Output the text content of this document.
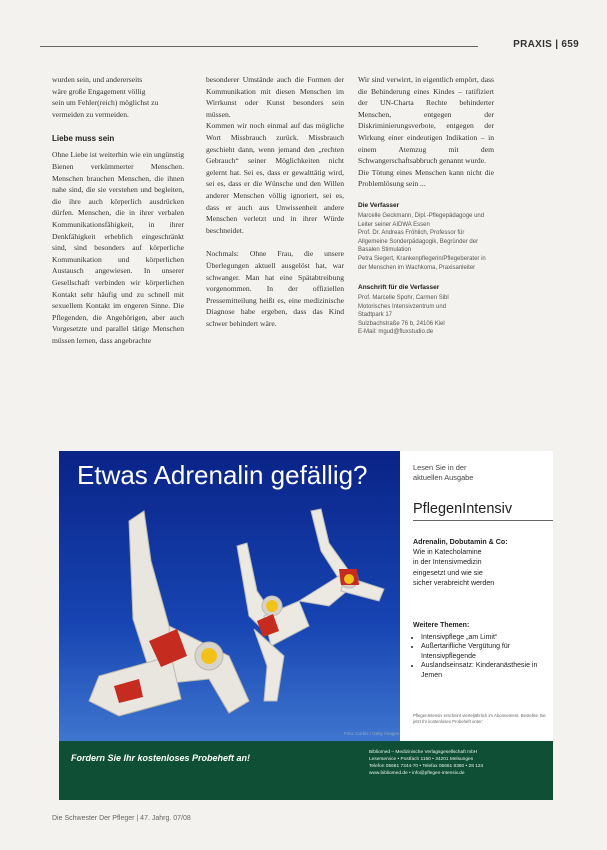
PRAXIS | 659

wurden sein, und andererseits

wäre große Engagement völlig

sein um Fehler(reich) möglichst zu

vermeiden zu vermeiden.

Liebe muss sein

Ohne Liebe ist weiterhin wie ein ungünstig Bienen verkümmerter Menschen. Menschen brauchen Menschen, die ihnen nahe sind, die sie verstehen und begleiten, die ihre auch körperlich ausdrücken dürfen. Menschen, die in ihrer verbalen Kommunikationsfähigkeit, in ihrer Denkfähigkeit erheblich eingeschränkt sind, sind besonders auf körperliche Kommunikation und körperlichen Austausch angewiesen. In unserer Gesellschaft verbinden wir körperlichen Kontakt sehr häufig und zu schnell mit sexuellem Kontakt im engeren Sinne. Die Pflegenden, die Angehörigen, aber auch Vorgesetzte und parallel tätige Menschen müssen lernen, dass angebrachte

besonderer Umstände auch die Formen der Kommunikation mit diesen Menschen im Wirrkunst oder Kunst besonders sein müssen.

Kommen wir noch einmal auf das mögliche Wort Missbrauch zurück. Missbrauch geschieht dann, wenn jemand den „rechten Gebrauch“ seiner Möglichkeiten nicht gelernt hat. Sei es, dass er gewalttätig wird, sei es, dass er die Wünsche und den Willen anderer Menschen völlig ignoriert, sei es, dass er auch aus Unwissenheit andere Menschen verletzt und in ihrer Würde beschneidet.

Nochmals: Ohne Frau, die unsere Überlegungen aktuell ausgelöst hat, war schwanger. Man hat eine Spätabtreibung vorgenommen. In der offiziellen Pressemitteilung heißt es, eine medizinische Diagnose habe ergeben, dass das Kind schwer behindert wäre.

Wir sind verwirrt, in eigentlich empört, dass die Behinderung eines Kindes – ratifiziert der UN-Charta Rechte behinderter Menschen, entgegen der Diskriminierungsverbote, entgegen der Wirkung einer eindeutigen Indikation – in einem Atemzug mit dem Schwangerschaftsabbruch genannt wurde.

Die Tötung eines Menschen kann nicht die Problemlösung sein ...

Die Verfasser

Marcelle Geckmann, Dipl.-Pflegepädagoge und Leiter seiner AIDWA Essen

Prof. Dr. Andreas Fröhlich, Professor für Allgemeine Sonderpädagogik, Begründer der Basalen Stimulation

Petra Siegert, Krankenpflegerin/Pflegeberater in der Menschen im Wachkoma, Praxisanleiter

Anschrift für die Verfasser

Prof. Marcelle Spohr, Carmen Sibl

Motorisches Intensivzentrum und

Stadtpark 17

Sulzbachstraße 76 b, 24106 Kiel

E-Mail: mgud@fluxstudio.de

Etwas Adrenalin gefällig?
Foto: Corbis / Getty Images
Lesen Sie in der
aktuellen Ausgabe
PflegenIntensiv
Adrenalin, Dobutamin & Co:
Wie in Katecholamine
in der Intensivmedizin
eingesetzt und wie sie
sicher verabreicht werden
Weitere Themen:
• Intensivpflege „am Limit“
• Außertarifliche Vergütung für Intensivpflegende
• Auslandseinsatz: Kinderanästhesie in Jemen
PflegenIntensiv erscheint vierteljährlich im Abonnement. Bestellen Sie jetzt Ihr kostenloses Probeheft unter:
Fordern Sie Ihr kostenloses Probeheft an!

Bibliomed – Medizinische Verlagsgesellschaft mbH

Leserservice • Postfach 1150 • 34201 Melsungen

Telefon 05661 7344-70 • Telefax 05661 8360 • 28 124

www.bibliomed.de • info@pflegen-intensiv.de

Die Schwester Der Pfleger | 47. Jahrg. 07/08
